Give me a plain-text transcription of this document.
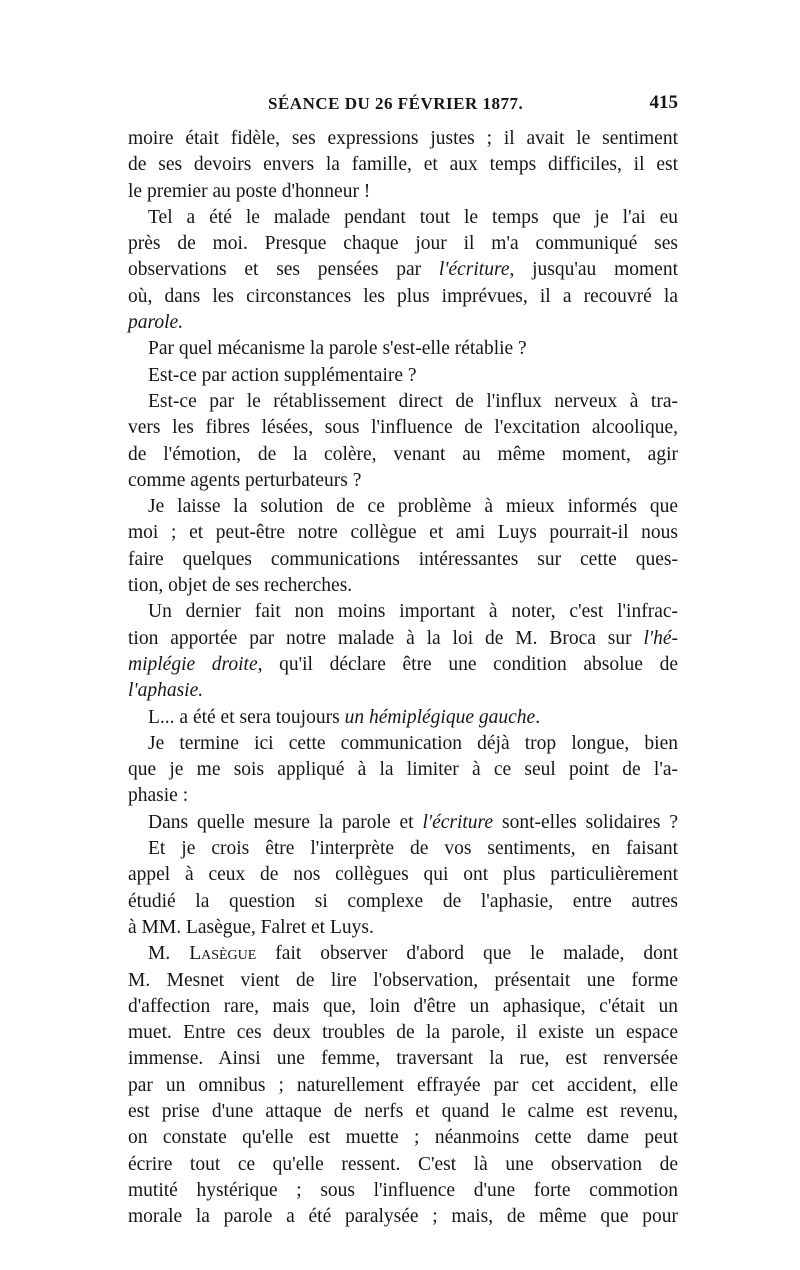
SÉANCE DU 26 FÉVRIER 1877.	415
moire était fidèle, ses expressions justes ; il avait le sentiment
de ses devoirs envers la famille, et aux temps difficiles, il est
le premier au poste d'honneur !
Tel a été le malade pendant tout le temps que je l'ai eu
près de moi. Presque chaque jour il m'a communiqué ses
observations et ses pensées par l'écriture, jusqu'au moment
où, dans les circonstances les plus imprévues, il a recouvré la
parole.
Par quel mécanisme la parole s'est-elle rétablie ?
Est-ce par action supplémentaire ?
Est-ce par le rétablissement direct de l'influx nerveux à tra-
vers les fibres lésées, sous l'influence de l'excitation alcoolique,
de l'émotion, de la colère, venant au même moment, agir
comme agents perturbateurs ?
Je laisse la solution de ce problème à mieux informés que
moi ; et peut-être notre collègue et ami Luys pourrait-il nous
faire quelques communications intéressantes sur cette ques-
tion, objet de ses recherches.
Un dernier fait non moins important à noter, c'est l'infrac-
tion apportée par notre malade à la loi de M. Broca sur l'hé-
miplégie droite, qu'il déclare être une condition absolue de
l'aphasie.
L... a été et sera toujours un hémiplégique gauche.
Je termine ici cette communication déjà trop longue, bien
que je me sois appliqué à la limiter à ce seul point de l'a-
phasie :
Dans quelle mesure la parole et l'écriture sont-elles solidaires ?
Et je crois être l'interprète de vos sentiments, en faisant
appel à ceux de nos collègues qui ont plus particulièrement
étudié la question si complexe de l'aphasie, entre autres
à MM. Lasègue, Falret et Luys.
M. Lasègue fait observer d'abord que le malade, dont
M. Mesnet vient de lire l'observation, présentait une forme
d'affection rare, mais que, loin d'être un aphasique, c'était un
muet. Entre ces deux troubles de la parole, il existe un espace
immense. Ainsi une femme, traversant la rue, est renversée
par un omnibus ; naturellement effrayée par cet accident, elle
est prise d'une attaque de nerfs et quand le calme est revenu,
on constate qu'elle est muette ; néanmoins cette dame peut
écrire tout ce qu'elle ressent. C'est là une observation de
mutité hystérique ; sous l'influence d'une forte commotion
morale la parole a été paralysée ; mais, de même que pour
